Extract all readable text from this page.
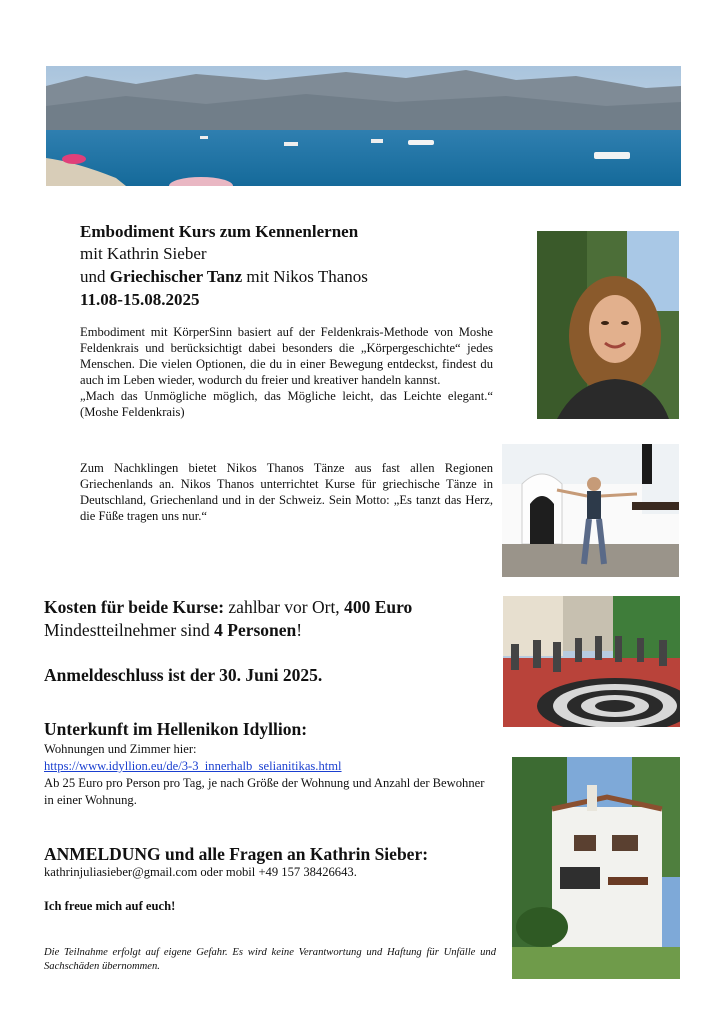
Embodiment Kurs zum Kennenlernen
mit Kathrin Sieber
und Griechischer Tanz mit Nikos Thanos
11.08-15.08.2025

Embodiment mit KörperSinn basiert auf der Feldenkrais-Methode von Moshe Feldenkrais und berücksichtigt dabei besonders die „Körpergeschichte“ jedes Menschen. Die vielen Optionen, die du in einer Bewegung entdeckst, findest du auch im Leben wieder, wodurch du freier und kreativer handeln kannst.

„Mach das Unmögliche möglich, das Mögliche leicht, das Leichte elegant.“ (Moshe Feldenkrais)

Zum Nachklingen bietet Nikos Thanos Tänze aus fast allen Regionen Griechenlands an. Nikos Thanos unterrichtet Kurse für griechische Tänze in Deutschland, Griechenland und in der Schweiz. Sein Motto: „Es tanzt das Herz, die Füße tragen uns nur.“

Kosten für beide Kurse: zahlbar vor Ort, 400 Euro
Mindestteilnehmer sind 4 Personen!
Anmeldeschluss ist der 30. Juni 2025.
Unterkunft im Hellenikon Idyllion:
Wohnungen und Zimmer hier:
https://www.idyllion.eu/de/3-3_innerhalb_selianitikas.html
Ab 25 Euro pro Person pro Tag, je nach Größe der Wohnung und Anzahl der Bewohner in einer Wohnung.
ANMELDUNG und alle Fragen an Kathrin Sieber:
kathrinjuliasieber@gmail.com oder mobil +49 157 38426643.
Ich freue mich auf euch!
Die Teilnahme erfolgt auf eigene Gefahr. Es wird keine Verantwortung und Haftung für Unfälle und Sachschäden übernommen.
